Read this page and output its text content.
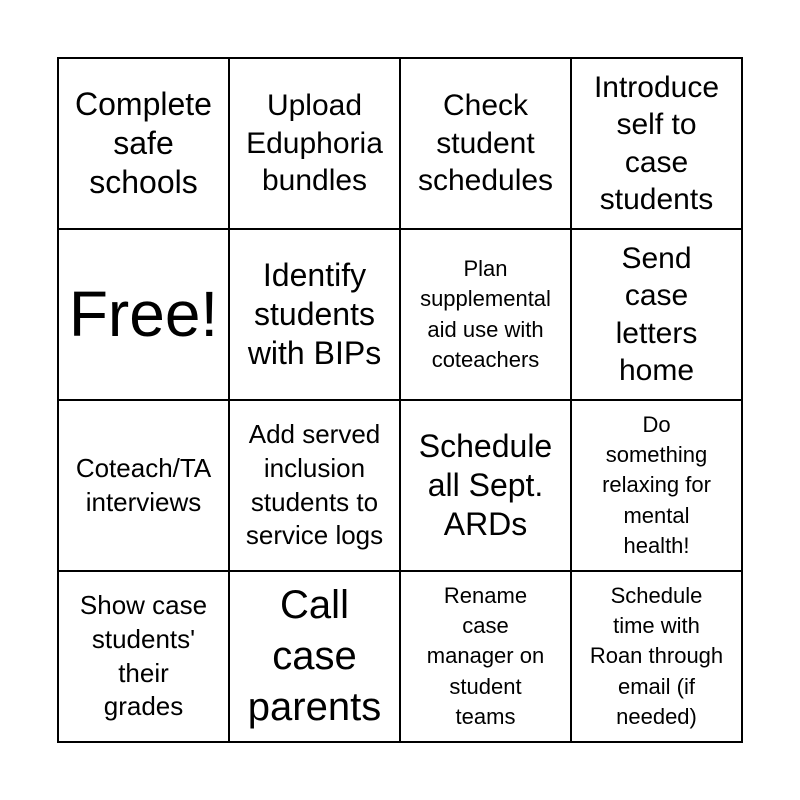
Complete
safe
schools
Upload
Eduphoria
bundles
Check
student
schedules
Introduce
self to
case
students
Free!
Identify
students
with BIPs
Plan
supplemental
aid use with
coteachers
Send
case
letters
home
Coteach/TA
interviews
Add served
inclusion
students to
service logs
Schedule
all Sept.
ARDs
Do
something
relaxing for
mental
health!
Show case
students'
their
grades
Call
case
parents
Rename
case
manager on
student
teams
Schedule
time with
Roan through
email (if
needed)
